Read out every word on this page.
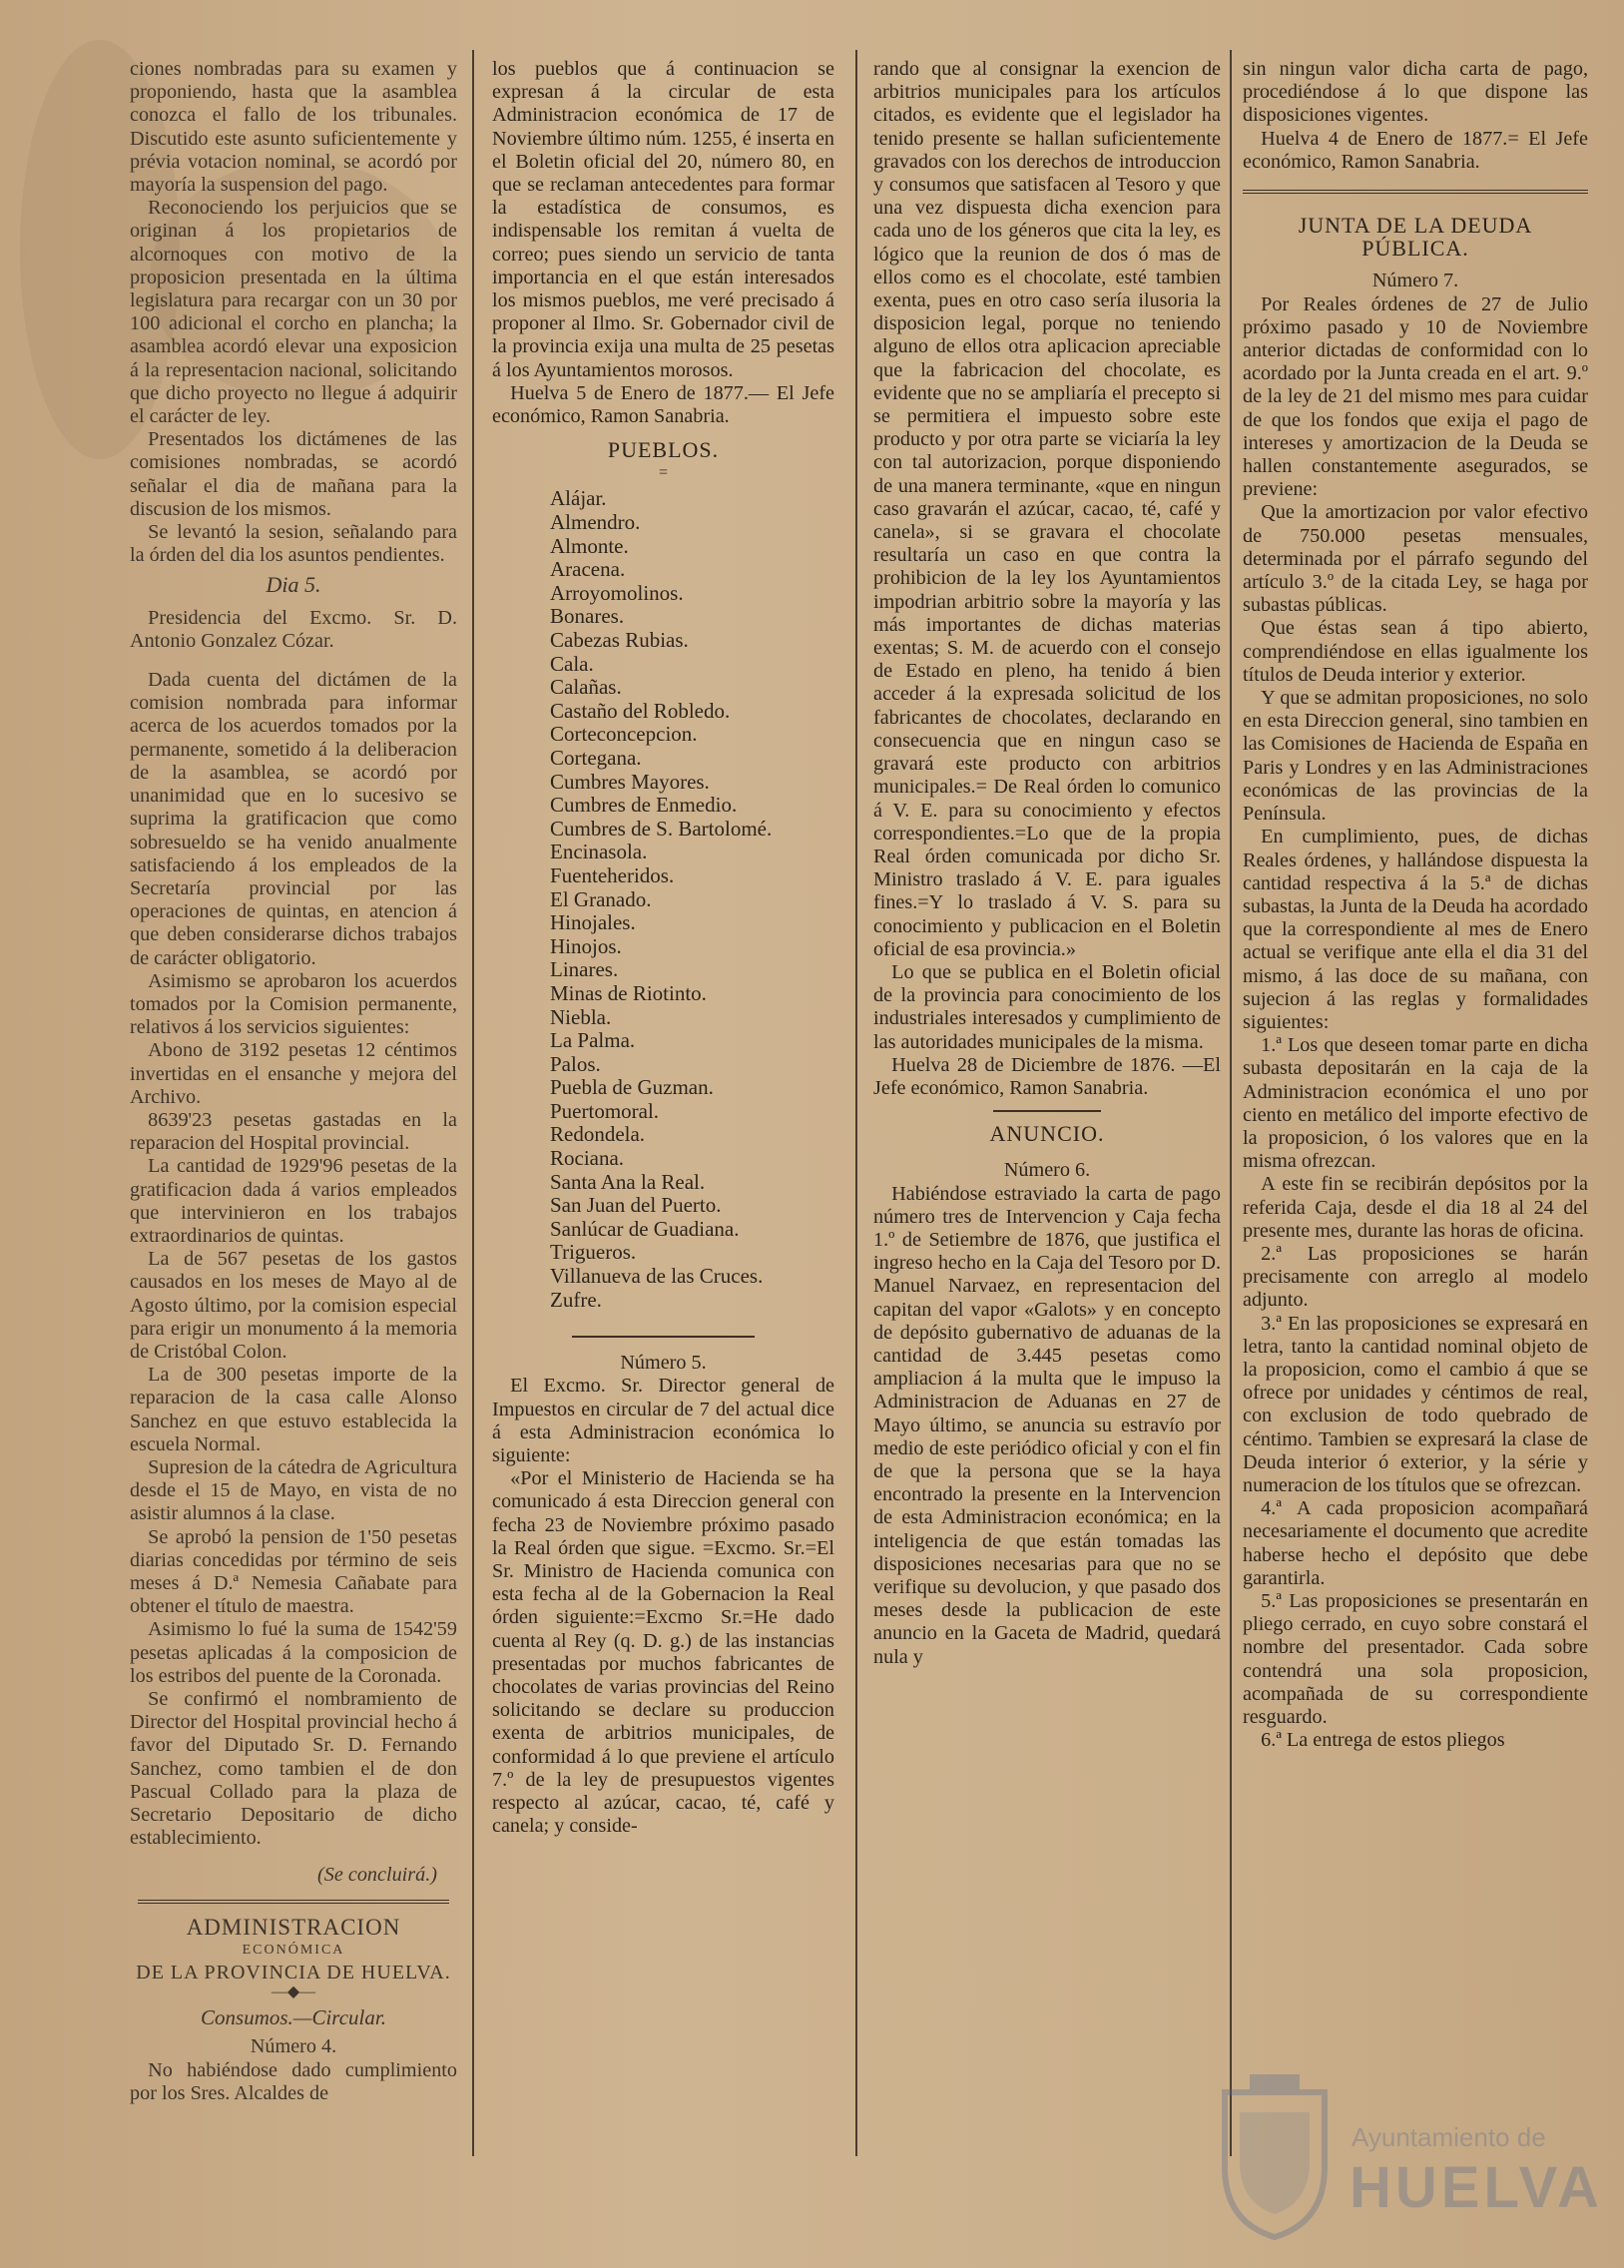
ciones nombradas para su examen y proponiendo, hasta que la asamblea conozca el fallo de los tribunales. Discutido este asunto suficientemente y prévia votacion nominal, se acordó por mayoría la suspension del pago.

Reconociendo los perjuicios que se originan á los propietarios de alcornoques con motivo de la proposicion presentada en la última legislatura para recargar con un 30 por 100 adicional el corcho en plancha; la asamblea acordó elevar una exposicion á la representacion nacional, solicitando que dicho proyecto no llegue á adquirir el carácter de ley.

Presentados los dictámenes de las comisiones nombradas, se acordó señalar el dia de mañana para la discusion de los mismos.

Se levantó la sesion, señalando para la órden del dia los asuntos pendientes.

Dia 5.

Presidencia del Excmo. Sr. D. Antonio Gonzalez Cózar.

Dada cuenta del dictámen de la comision nombrada para informar acerca de los acuerdos tomados por la permanente, sometido á la deliberacion de la asamblea, se acordó por unanimidad que en lo sucesivo se suprima la gratificacion que como sobresueldo se ha venido anualmente satisfaciendo á los empleados de la Secretaría provincial por las operaciones de quintas, en atencion á que deben considerarse dichos trabajos de carácter obligatorio.

Asimismo se aprobaron los acuerdos tomados por la Comision permanente, relativos á los servicios siguientes:

Abono de 3192 pesetas 12 céntimos invertidas en el ensanche y mejora del Archivo.

8639'23 pesetas gastadas en la reparacion del Hospital provincial.

La cantidad de 1929'96 pesetas de la gratificacion dada á varios empleados que intervinieron en los trabajos extraordinarios de quintas.

La de 567 pesetas de los gastos causados en los meses de Mayo al de Agosto último, por la comision especial para erigir un monumento á la memoria de Cristóbal Colon.

La de 300 pesetas importe de la reparacion de la casa calle Alonso Sanchez en que estuvo establecida la escuela Normal.

Supresion de la cátedra de Agricultura desde el 15 de Mayo, en vista de no asistir alumnos á la clase.

Se aprobó la pension de 1'50 pesetas diarias concedidas por término de seis meses á D.ª Nemesia Cañabate para obtener el título de maestra.

Asimismo lo fué la suma de 1542'59 pesetas aplicadas á la composicion de los estribos del puente de la Coronada.

Se confirmó el nombramiento de Director del Hospital provincial hecho á favor del Diputado Sr. D. Fernando Sanchez, como tambien el de don Pascual Collado para la plaza de Secretario Depositario de dicho establecimiento.

(Se concluirá.)

ADMINISTRACION

ECONÓMICA

DE LA PROVINCIA DE HUELVA.

—◆—

Consumos.—Circular.

Número 4.

No habiéndose dado cumplimiento por los Sres. Alcaldes de

los pueblos que á continuacion se expresan á la circular de esta Administracion económica de 17 de Noviembre último núm. 1255, é inserta en el Boletin oficial del 20, número 80, en que se reclaman antecedentes para formar la estadística de consumos, es indispensable los remitan á vuelta de correo; pues siendo un servicio de tanta importancia en el que están interesados los mismos pueblos, me veré precisado á proponer al Ilmo. Sr. Gobernador civil de la provincia exija una multa de 25 pesetas á los Ayuntamientos morosos.

Huelva 5 de Enero de 1877.— El Jefe económico, Ramon Sanabria.

PUEBLOS.

=

Alájar.
Almendro.
Almonte.
Aracena.
Arroyomolinos.
Bonares.
Cabezas Rubias.
Cala.
Calañas.
Castaño del Robledo.
Corteconcepcion.
Cortegana.
Cumbres Mayores.
Cumbres de Enmedio.
Cumbres de S. Bartolomé.
Encinasola.
Fuenteheridos.
El Granado.
Hinojales.
Hinojos.
Linares.
Minas de Riotinto.
Niebla.
La Palma.
Palos.
Puebla de Guzman.
Puertomoral.
Redondela.
Rociana.
Santa Ana la Real.
San Juan del Puerto.
Sanlúcar de Guadiana.
Trigueros.
Villanueva de las Cruces.
Zufre.

Número 5.

El Excmo. Sr. Director general de Impuestos en circular de 7 del actual dice á esta Administracion económica lo siguiente:

«Por el Ministerio de Hacienda se ha comunicado á esta Direccion general con fecha 23 de Noviembre próximo pasado la Real órden que sigue. =Excmo. Sr.=El Sr. Ministro de Hacienda comunica con esta fecha al de la Gobernacion la Real órden siguiente:=Excmo Sr.=He dado cuenta al Rey (q. D. g.) de las instancias presentadas por muchos fabricantes de chocolates de varias provincias del Reino solicitando se declare su produccion exenta de arbitrios municipales, de conformidad á lo que previene el artículo 7.º de la ley de presupuestos vigentes respecto al azúcar, cacao, té, café y canela; y conside-

rando que al consignar la exencion de arbitrios municipales para los artículos citados, es evidente que el legislador ha tenido presente se hallan suficientemente gravados con los derechos de introduccion y consumos que satisfacen al Tesoro y que una vez dispuesta dicha exencion para cada uno de los géneros que cita la ley, es lógico que la reunion de dos ó mas de ellos como es el chocolate, esté tambien exenta, pues en otro caso sería ilusoria la disposicion legal, porque no teniendo alguno de ellos otra aplicacion apreciable que la fabricacion del chocolate, es evidente que no se ampliaría el precepto si se permitiera el impuesto sobre este producto y por otra parte se viciaría la ley con tal autorizacion, porque disponiendo de una manera terminante, «que en ningun caso gravarán el azúcar, cacao, té, café y canela», si se gravara el chocolate resultaría un caso en que contra la prohibicion de la ley los Ayuntamientos impodrian arbitrio sobre la mayoría y las más importantes de dichas materias exentas; S. M. de acuerdo con el consejo de Estado en pleno, ha tenido á bien acceder á la expresada solicitud de los fabricantes de chocolates, declarando en consecuencia que en ningun caso se gravará este producto con arbitrios municipales.= De Real órden lo comunico á V. E. para su conocimiento y efectos correspondientes.=Lo que de la propia Real órden comunicada por dicho Sr. Ministro traslado á V. E. para iguales fines.=Y lo traslado á V. S. para su conocimiento y publicacion en el Boletin oficial de esa provincia.»

Lo que se publica en el Boletin oficial de la provincia para conocimiento de los industriales interesados y cumplimiento de las autoridades municipales de la misma.

Huelva 28 de Diciembre de 1876. —El Jefe económico, Ramon Sanabria.

ANUNCIO.

Número 6.

Habiéndose estraviado la carta de pago número tres de Intervencion y Caja fecha 1.º de Setiembre de 1876, que justifica el ingreso hecho en la Caja del Tesoro por D. Manuel Narvaez, en representacion del capitan del vapor «Galots» y en concepto de depósito gubernativo de aduanas de la cantidad de 3.445 pesetas como ampliacion á la multa que le impuso la Administracion de Aduanas en 27 de Mayo último, se anuncia su estravío por medio de este periódico oficial y con el fin de que la persona que se la haya encontrado la presente en la Intervencion de esta Administracion económica; en la inteligencia de que están tomadas las disposiciones necesarias para que no se verifique su devolucion, y que pasado dos meses desde la publicacion de este anuncio en la Gaceta de Madrid, quedará nula y

sin ningun valor dicha carta de pago, procediéndose á lo que dispone las disposiciones vigentes.

Huelva 4 de Enero de 1877.= El Jefe económico, Ramon Sanabria.

JUNTA DE LA DEUDA PÚBLICA.

Número 7.

Por Reales órdenes de 27 de Julio próximo pasado y 10 de Noviembre anterior dictadas de conformidad con lo acordado por la Junta creada en el art. 9.º de la ley de 21 del mismo mes para cuidar de que los fondos que exija el pago de intereses y amortizacion de la Deuda se hallen constantemente asegurados, se previene:

Que la amortizacion por valor efectivo de 750.000 pesetas mensuales, determinada por el párrafo segundo del artículo 3.º de la citada Ley, se haga por subastas públicas.

Que éstas sean á tipo abierto, comprendiéndose en ellas igualmente los títulos de Deuda interior y exterior.

Y que se admitan proposiciones, no solo en esta Direccion general, sino tambien en las Comisiones de Hacienda de España en Paris y Londres y en las Administraciones económicas de las provincias de la Península.

En cumplimiento, pues, de dichas Reales órdenes, y hallándose dispuesta la cantidad respectiva á la 5.ª de dichas subastas, la Junta de la Deuda ha acordado que la correspondiente al mes de Enero actual se verifique ante ella el dia 31 del mismo, á las doce de su mañana, con sujecion á las reglas y formalidades siguientes:

1.ª Los que deseen tomar parte en dicha subasta depositarán en la caja de la Administracion económica el uno por ciento en metálico del importe efectivo de la proposicion, ó los valores que en la misma ofrezcan.

A este fin se recibirán depósitos por la referida Caja, desde el dia 18 al 24 del presente mes, durante las horas de oficina.

2.ª Las proposiciones se harán precisamente con arreglo al modelo adjunto.

3.ª En las proposiciones se expresará en letra, tanto la cantidad nominal objeto de la proposicion, como el cambio á que se ofrece por unidades y céntimos de real, con exclusion de todo quebrado de céntimo. Tambien se expresará la clase de Deuda interior ó exterior, y la série y numeracion de los títulos que se ofrezcan.

4.ª A cada proposicion acompañará necesariamente el documento que acredite haberse hecho el depósito que debe garantirla.

5.ª Las proposiciones se presentarán en pliego cerrado, en cuyo sobre constará el nombre del presentador. Cada sobre contendrá una sola proposicion, acompañada de su correspondiente resguardo.

6.ª La entrega de estos pliegos

Ayuntamiento de
HUELVA
